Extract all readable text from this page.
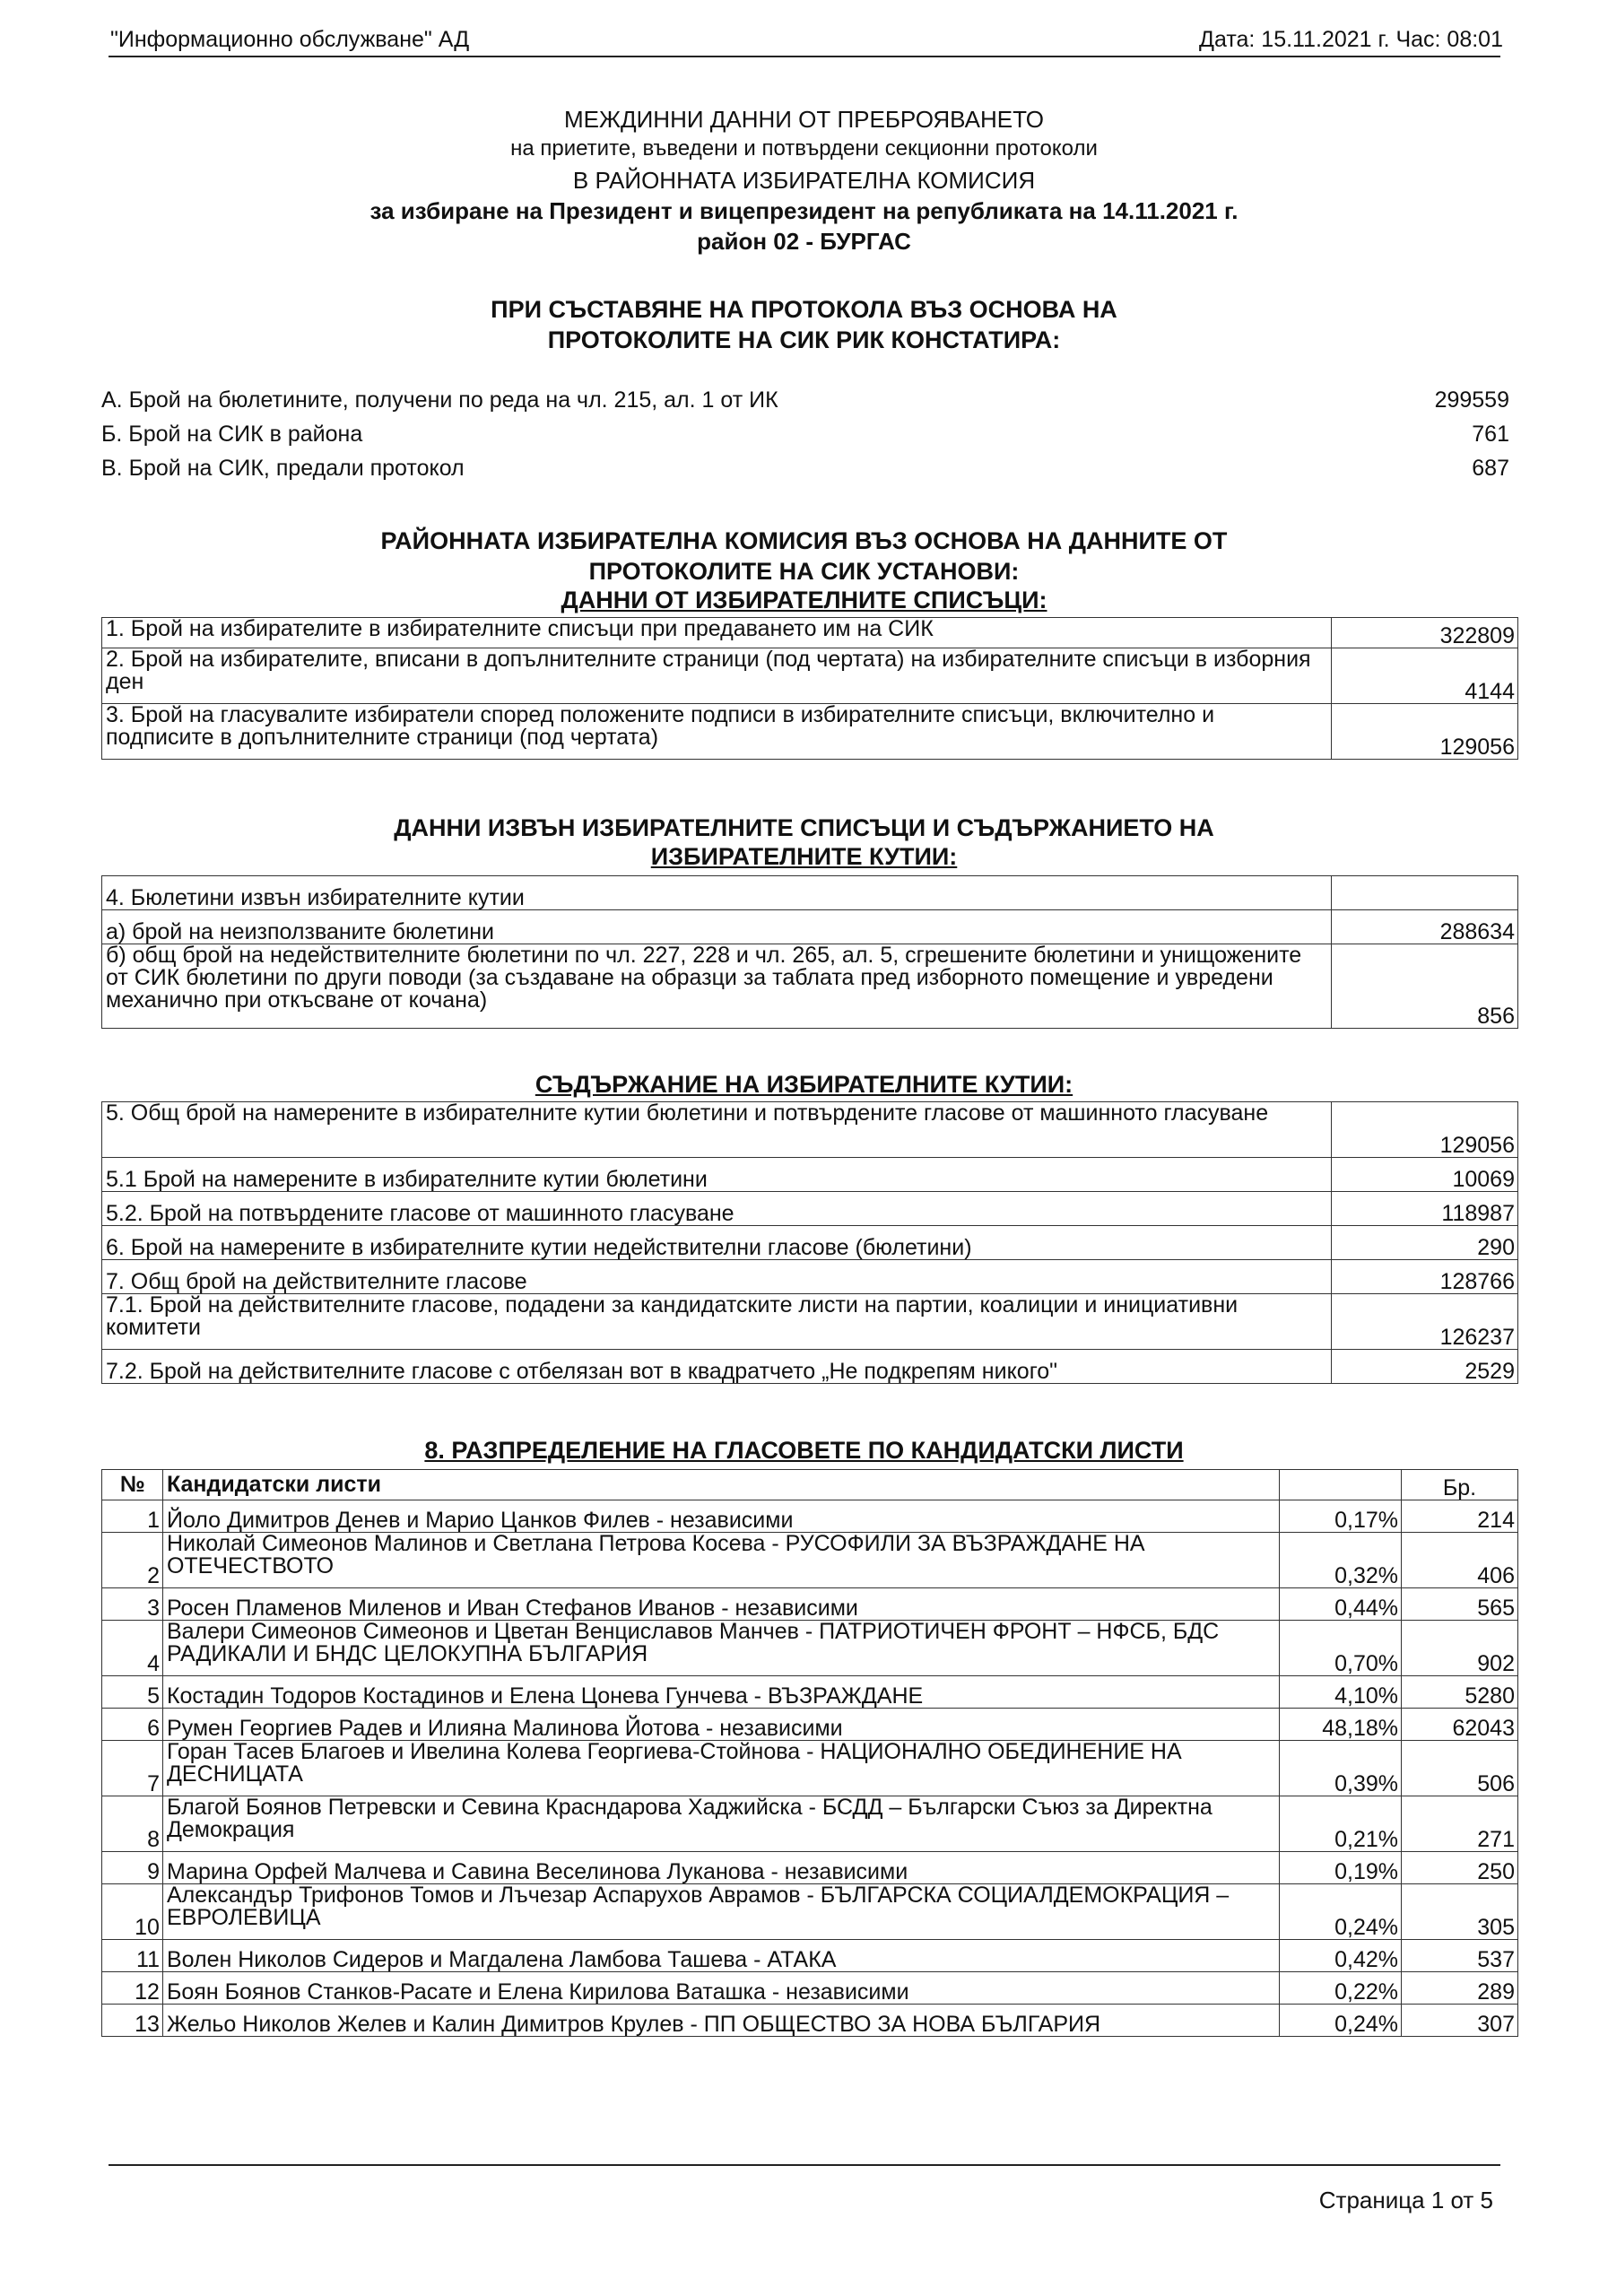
"Информационно обслужване" АД	Дата: 15.11.2021 г. Час: 08:01
МЕЖДИННИ ДАННИ ОТ ПРЕБРОЯВАНЕТО
на приетите, въведени и потвърдени секционни протоколи
В РАЙОННАТА ИЗБИРАТЕЛНА КОМИСИЯ
за избиране на Президент и вицепрезидент на републиката на 14.11.2021 г.
район 02 - БУРГАС
ПРИ СЪСТАВЯНЕ НА ПРОТОКОЛА ВЪЗ ОСНОВА НА
ПРОТОКОЛИТЕ НА СИК РИК КОНСТАТИРА:
А. Брой на бюлетините, получени по реда на чл. 215, ал. 1 от ИК	299559
Б. Брой на СИК в района	761
В. Брой на СИК, предали протокол	687
РАЙОННАТА ИЗБИРАТЕЛНА КОМИСИЯ ВЪЗ ОСНОВА НА ДАННИТЕ ОТ
ПРОТОКОЛИТЕ НА СИК УСТАНОВИ:
ДАННИ ОТ ИЗБИРАТЕЛНИТЕ СПИСЪЦИ:
1. Брой на избирателите в избирателните списъци при предаването им на СИК	322809
2. Брой на избирателите, вписани в допълнителните страници (под чертата) на избирателните списъци в изборния ден	4144
3. Брой на гласувалите избиратели според положените подписи в избирателните списъци, включително и подписите в допълнителните страници (под чертата)	129056
ДАННИ ИЗВЪН ИЗБИРАТЕЛНИТЕ СПИСЪЦИ И СЪДЪРЖАНИЕТО НА
ИЗБИРАТЕЛНИТЕ КУТИИ:
4. Бюлетини извън избирателните кутии	
а) брой на неизползваните бюлетини	288634
б) общ брой на недействителните бюлетини по чл. 227, 228 и чл. 265, ал. 5, сгрешените бюлетини и унищожените от СИК бюлетини по други поводи (за създаване на образци за таблата пред изборното помещение и увредени механично при откъсване от кочана)	856
СЪДЪРЖАНИЕ НА ИЗБИРАТЕЛНИТЕ КУТИИ:
5. Общ брой на намерените в избирателните кутии бюлетини и потвърдените гласове от машинното гласуване	129056
5.1 Брой на намерените в избирателните кутии бюлетини	10069
5.2. Брой на потвърдените гласове от машинното гласуване	118987
6. Брой на намерените в избирателните кутии недействителни гласове (бюлетини)	290
7. Общ брой на действителните гласове	128766
7.1. Брой на действителните гласове, подадени за кандидатските листи на партии, коалиции и инициативни комитети	126237
7.2. Брой на действителните гласове с отбелязан вот в квадратчето „Не подкрепям никого"	2529
8. РАЗПРЕДЕЛЕНИЕ НА ГЛАСОВЕТЕ ПО КАНДИДАТСКИ ЛИСТИ
№	Кандидатски листи		Бр.
1	Йоло Димитров Денев и Марио Цанков Филев - независими	0,17%	214
2	Николай Симеонов Малинов и Светлана Петрова Косева - РУСОФИЛИ ЗА ВЪЗРАЖДАНЕ НА ОТЕЧЕСТВОТО	0,32%	406
3	Росен Пламенов Миленов и Иван Стефанов Иванов - независими	0,44%	565
4	Валери Симеонов Симеонов и Цветан Венциславов Манчев - ПАТРИОТИЧЕН ФРОНТ – НФСБ, БДС РАДИКАЛИ И БНДС ЦЕЛОКУПНА БЪЛГАРИЯ	0,70%	902
5	Костадин Тодоров Костадинов и Елена Цонева Гунчева - ВЪЗРАЖДАНЕ	4,10%	5280
6	Румен Георгиев Радев и Илияна Малинова Йотова - независими	48,18%	62043
7	Горан Тасев Благоев и Ивелина Колева Георгиева-Стойнова - НАЦИОНАЛНО ОБЕДИНЕНИЕ НА ДЕСНИЦАТА	0,39%	506
8	Благой Боянов Петревски и Севина Красндарова Хаджийска - БСДД – Български Съюз за Директна Демокрация	0,21%	271
9	Марина Орфей Малчева и Савина Веселинова Луканова - независими	0,19%	250
10	Александър Трифонов Томов и Лъчезар Аспарухов Аврамов - БЪЛГАРСКА СОЦИАЛДЕМОКРАЦИЯ – ЕВРОЛЕВИЦА	0,24%	305
11	Волен Николов Сидеров и Магдалена Ламбова Ташева - АТАКА	0,42%	537
12	Боян Боянов Станков-Расате и Елена Кирилова Ваташка - независими	0,22%	289
13	Жельо Николов Желев и Калин Димитров Крулев - ПП ОБЩЕСТВО ЗА НОВА БЪЛГАРИЯ	0,24%	307
Страница 1 от 5
